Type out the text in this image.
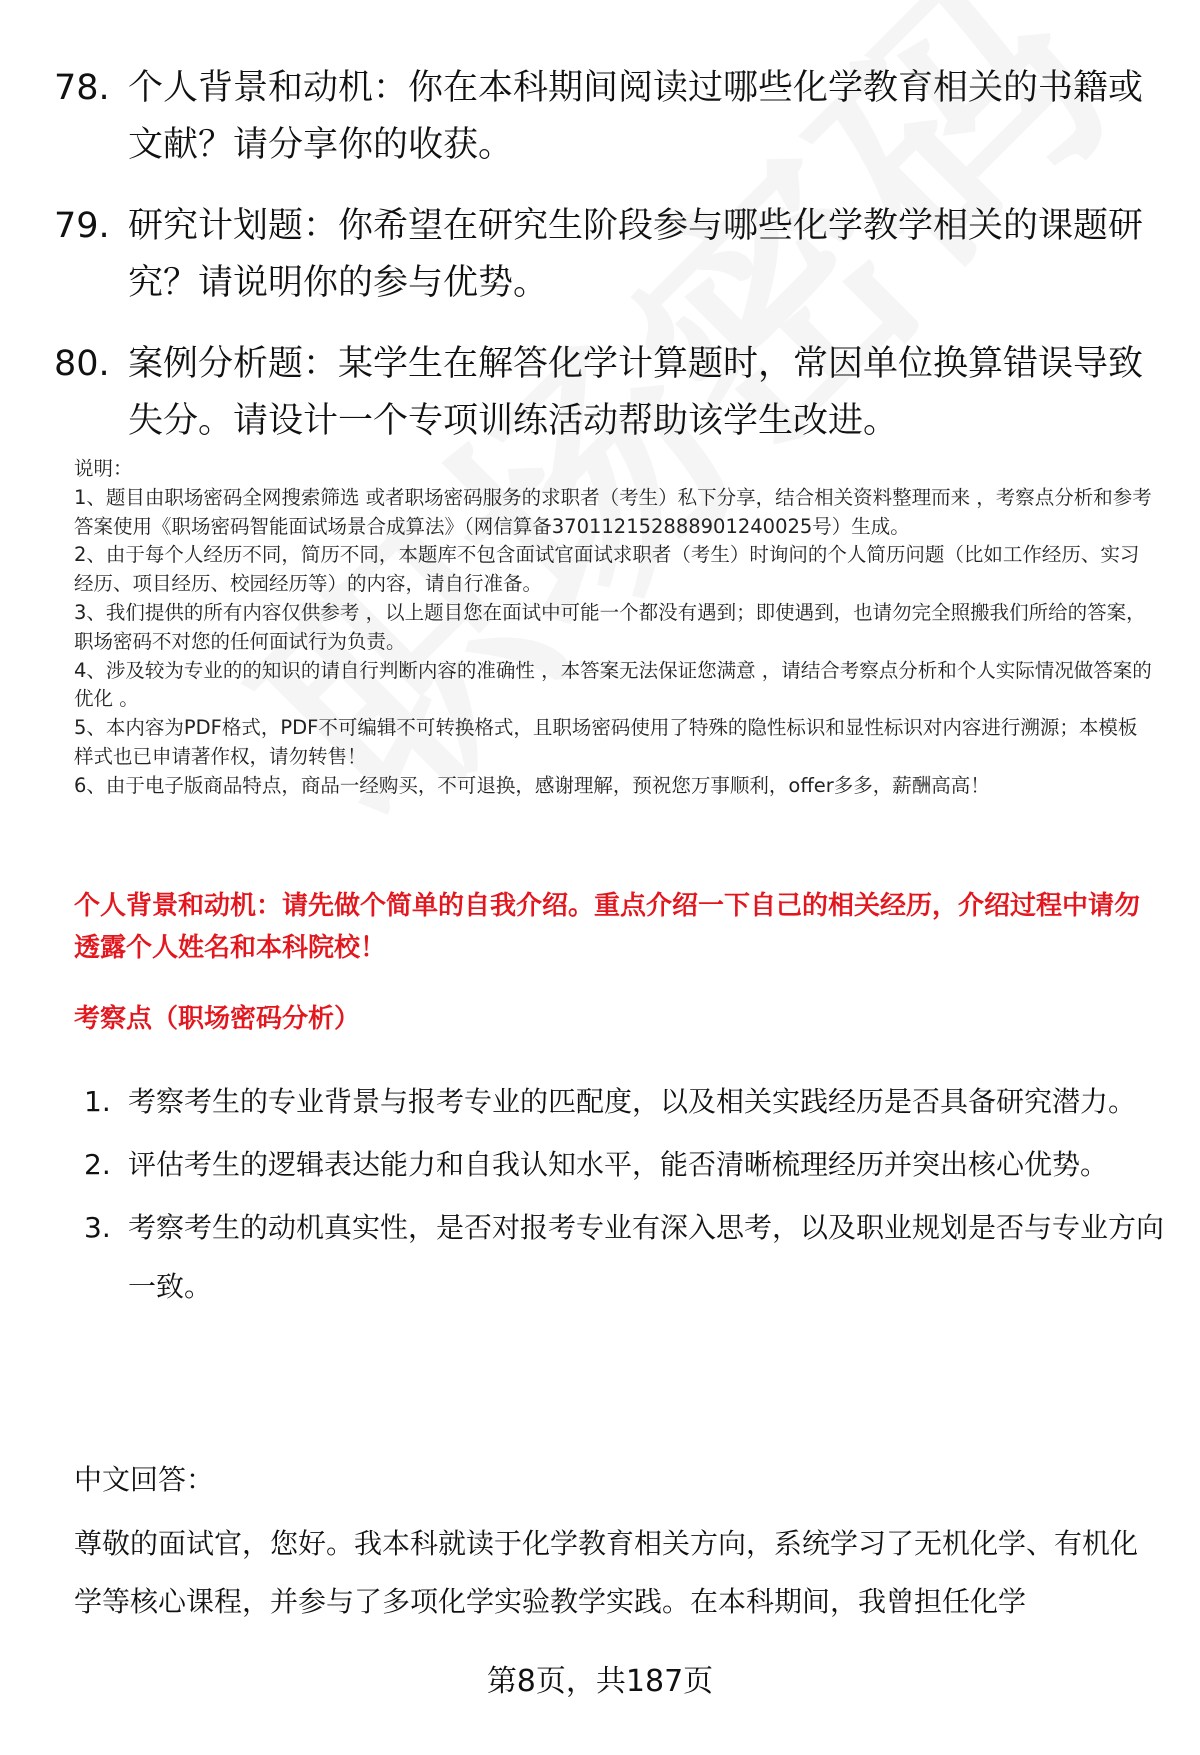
78. 个人背景和动机：你在本科期间阅读过哪些化学教育相关的书籍或文献？请分享你的收获。
79. 研究计划题：你希望在研究生阶段参与哪些化学教学相关的课题研究？请说明你的参与优势。
80. 案例分析题：某学生在解答化学计算题时，常因单位换算错误导致失分。请设计一个专项训练活动帮助该学生改进。
说明：
1、题目由职场密码全网搜索筛选 或者职场密码服务的求职者（考生）私下分享，结合相关资料整理而来 ，考察点分析和参考答案使用《职场密码智能面试场景合成算法》（网信算备370112152888901240025号）生成。
2、由于每个人经历不同，简历不同，本题库不包含面试官面试求职者（考生）时询问的个人简历问题（比如工作经历、实习经历、项目经历、校园经历等）的内容，请自行准备。
3、我们提供的所有内容仅供参考 ，以上题目您在面试中可能一个都没有遇到；即使遇到，也请勿完全照搬我们所给的答案，职场密码不对您的任何面试行为负责。
4、涉及较为专业的的知识的请自行判断内容的准确性 ，本答案无法保证您满意 ，请结合考察点分析和个人实际情况做答案的优化 。
5、本内容为PDF格式，PDF不可编辑不可转换格式，且职场密码使用了特殊的隐性标识和显性标识对内容进行溯源；本模板样式也已申请著作权，请勿转售！
6、由于电子版商品特点，商品一经购买，不可退换，感谢理解，预祝您万事顺利，offer多多，薪酬高高！
个人背景和动机：请先做个简单的自我介绍。重点介绍一下自己的相关经历，介绍过程中请勿透露个人姓名和本科院校！
考察点（职场密码分析）
1. 考察考生的专业背景与报考专业的匹配度，以及相关实践经历是否具备研究潜力。
2. 评估考生的逻辑表达能力和自我认知水平，能否清晰梳理经历并突出核心优势。
3. 考察考生的动机真实性，是否对报考专业有深入思考，以及职业规划是否与专业方向一致。
中文回答：
尊敬的面试官，您好。我本科就读于化学教育相关方向，系统学习了无机化学、有机化学等核心课程，并参与了多项化学实验教学实践。在本科期间，我曾担任化学
第8页，共187页
